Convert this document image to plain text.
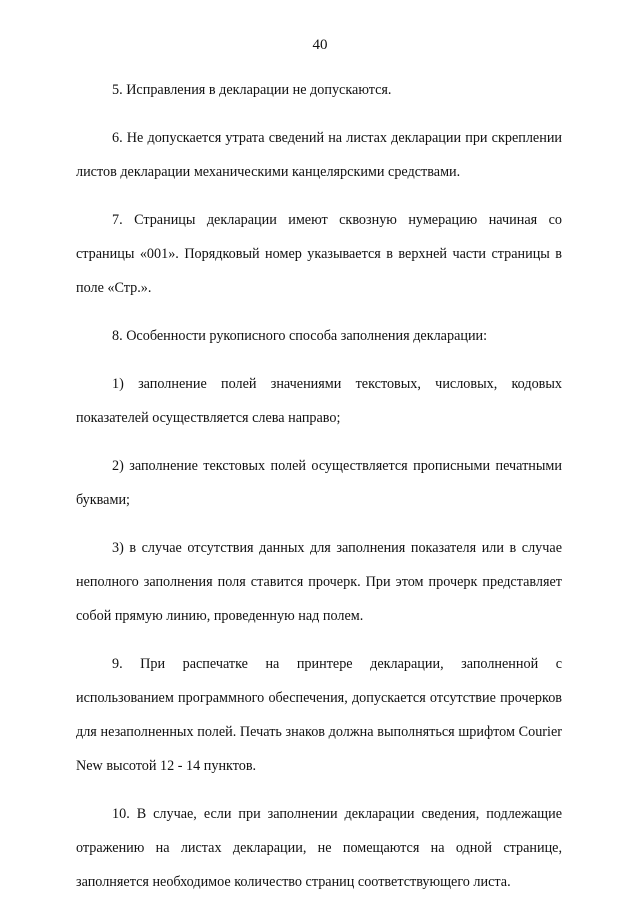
40

5. Исправления в декларации не допускаются.

6. Не допускается утрата сведений на листах декларации при скреплении листов декларации механическими канцелярскими средствами.

7. Страницы декларации имеют сквозную нумерацию начиная со страницы «001». Порядковый номер указывается в верхней части страницы в поле «Стр.».

8. Особенности рукописного способа заполнения декларации:

1) заполнение полей значениями текстовых, числовых, кодовых показателей осуществляется слева направо;

2) заполнение текстовых полей осуществляется прописными печатными буквами;

3) в случае отсутствия данных для заполнения показателя или в случае неполного заполнения поля ставится прочерк. При этом прочерк представляет собой прямую линию, проведенную над полем.

9. При распечатке на принтере декларации, заполненной с использованием программного обеспечения, допускается отсутствие прочерков для незаполненных полей. Печать знаков должна выполняться шрифтом Courier New высотой 12 - 14 пунктов.

10. В случае, если при заполнении декларации сведения, подлежащие отражению на листах декларации, не помещаются на одной странице, заполняется необходимое количество страниц соответствующего листа.
